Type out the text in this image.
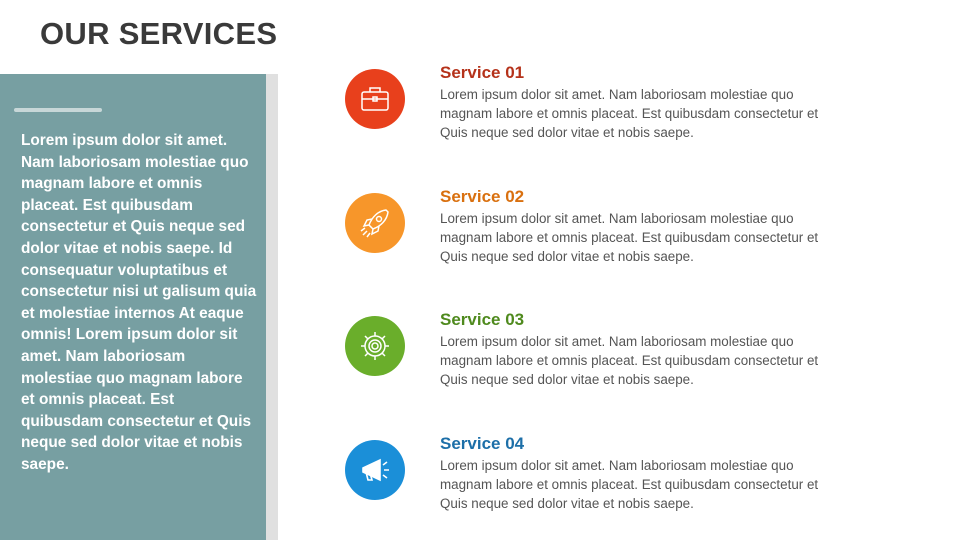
OUR SERVICES
Lorem ipsum dolor sit amet. Nam laboriosam molestiae quo magnam labore et omnis placeat. Est quibusdam consectetur et Quis neque sed dolor vitae et nobis saepe. Id consequatur voluptatibus et consectetur nisi ut galisum quia et molestiae internos At eaque omnis! Lorem ipsum dolor sit amet. Nam laboriosam molestiae quo magnam labore et omnis placeat. Est quibusdam consectetur et Quis neque sed dolor vitae et nobis saepe.
Service 01
Lorem ipsum dolor sit amet. Nam laboriosam molestiae quo magnam labore et omnis placeat. Est quibusdam consectetur et Quis neque sed dolor vitae et nobis saepe.
Service 02
Lorem ipsum dolor sit amet. Nam laboriosam molestiae quo magnam labore et omnis placeat. Est quibusdam consectetur et Quis neque sed dolor vitae et nobis saepe.
Service 03
Lorem ipsum dolor sit amet. Nam laboriosam molestiae quo magnam labore et omnis placeat. Est quibusdam consectetur et Quis neque sed dolor vitae et nobis saepe.
Service 04
Lorem ipsum dolor sit amet. Nam laboriosam molestiae quo magnam labore et omnis placeat. Est quibusdam consectetur et Quis neque sed dolor vitae et nobis saepe.
